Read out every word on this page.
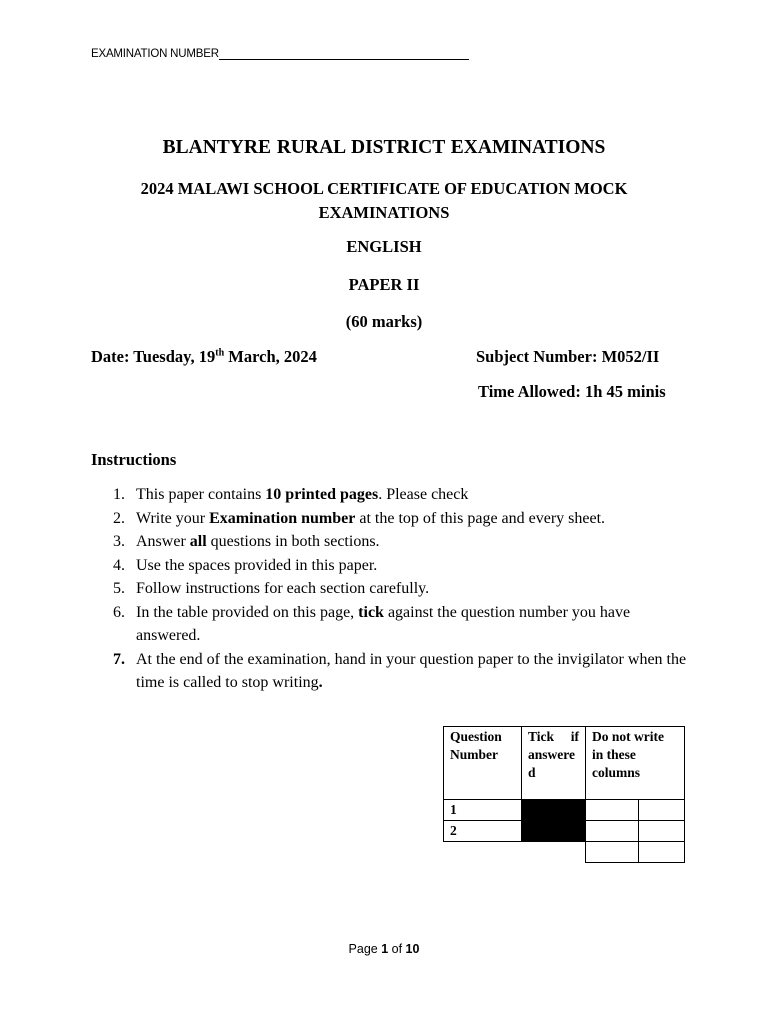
EXAMINATION NUMBER
BLANTYRE RURAL DISTRICT EXAMINATIONS
2024 MALAWI SCHOOL CERTIFICATE OF EDUCATION MOCK
EXAMINATIONS
ENGLISH
PAPER II
(60 marks)
Date: Tuesday, 19th March, 2024	Subject Number: M052/II
Time Allowed: 1h 45 minis
Instructions
1. This paper contains 10 printed pages. Please check
2. Write your Examination number at the top of this page and every sheet.
3. Answer all questions in both sections.
4. Use the spaces provided in this paper.
5. Follow instructions for each section carefully.
6. In the table provided on this page, tick against the question number you have answered.
7. At the end of the examination, hand in your question paper to the invigilator when the time is called to stop writing.
Question Number	Tick if answere d	Do not write in these columns	
1			
2			

Page 1 of 10
